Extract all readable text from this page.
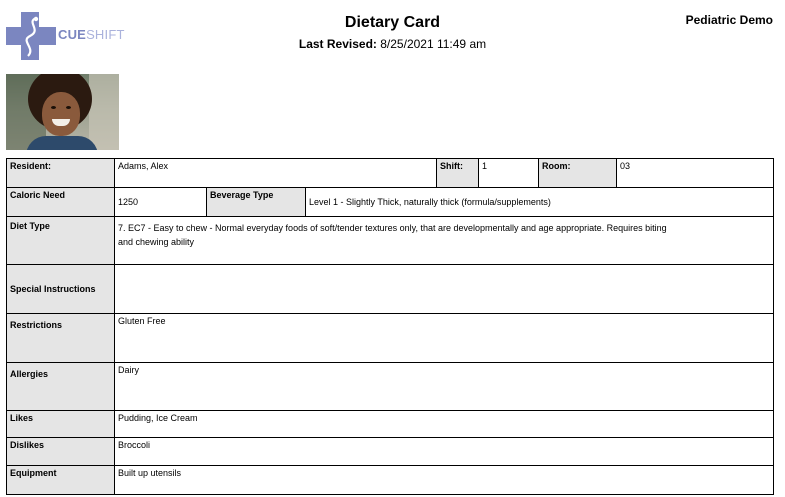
CUESHIFT
Dietary Card
Last Revised: 8/25/2021 11:49 am
Pediatric Demo
Resident:	Adams, Alex			Shift:	1	Room:	03
Caloric Need	1250	Beverage Type	Level 1 - Slightly Thick, naturally thick (formula/supplements)				
Diet Type	7. EC7 - Easy to chew - Normal everyday foods of soft/tender textures only, that are developmentally and age appropriate. Requires biting and chewing ability						
Special Instructions							
Restrictions	Gluten Free						
Allergies	Dairy						
Likes	Pudding, Ice Cream						
Dislikes	Broccoli						
Equipment	Built up utensils						
